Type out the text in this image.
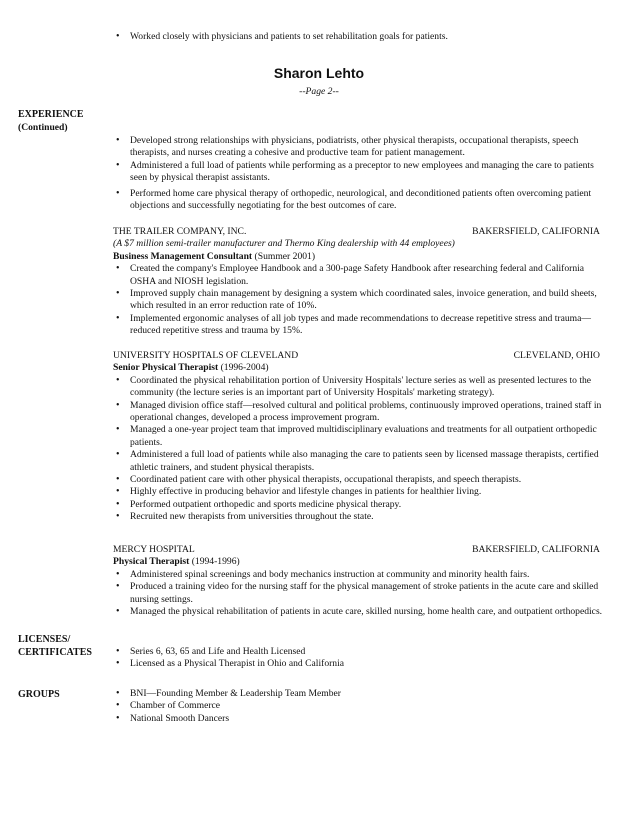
• Worked closely with physicians and patients to set rehabilitation goals for patients.
Sharon Lehto
--Page 2--
EXPERIENCE
(Continued)
LICENSES/
CERTIFICATES
GROUPS
• Developed strong relationships with physicians, podiatrists, other physical therapists, occupational therapists, speech therapists, and nurses creating a cohesive and productive team for patient management.
• Administered a full load of patients while performing as a preceptor to new employees and managing the care to patients seen by physical therapist assistants.
• Performed home care physical therapy of orthopedic, neurological, and deconditioned patients often overcoming patient objections and successfully negotiating for the best outcomes of care.
THE TRAILER COMPANY, INC.	BAKERSFIELD, CALIFORNIA
(A $7 million semi-trailer manufacturer and Thermo King dealership with 44 employees)
Business Management Consultant (Summer 2001)
• Created the company's Employee Handbook and a 300-page Safety Handbook after researching federal and California OSHA and NIOSH legislation.
• Improved supply chain management by designing a system which coordinated sales, invoice generation, and build sheets, which resulted in an error reduction rate of 10%.
• Implemented ergonomic analyses of all job types and made recommendations to decrease repetitive stress and trauma—reduced repetitive stress and trauma by 15%.
UNIVERSITY HOSPITALS OF CLEVELAND	CLEVELAND, OHIO
Senior Physical Therapist (1996-2004)
• Coordinated the physical rehabilitation portion of University Hospitals' lecture series as well as presented lectures to the community (the lecture series is an important part of University Hospitals' marketing strategy).
• Managed division office staff—resolved cultural and political problems, continuously improved operations, trained staff in operational changes, developed a process improvement program.
• Managed a one-year project team that improved multidisciplinary evaluations and treatments for all outpatient orthopedic patients.
• Administered a full load of patients while also managing the care to patients seen by licensed massage therapists, certified athletic trainers, and student physical therapists.
• Coordinated patient care with other physical therapists, occupational therapists, and speech therapists.
• Highly effective in producing behavior and lifestyle changes in patients for healthier living.
• Performed outpatient orthopedic and sports medicine physical therapy.
• Recruited new therapists from universities throughout the state.
MERCY HOSPITAL	BAKERSFIELD, CALIFORNIA
Physical Therapist (1994-1996)
• Administered spinal screenings and body mechanics instruction at community and minority health fairs.
• Produced a training video for the nursing staff for the physical management of stroke patients in the acute care and skilled nursing settings.
• Managed the physical rehabilitation of patients in acute care, skilled nursing, home health care, and outpatient orthopedics.
• Series 6, 63, 65 and Life and Health Licensed
• Licensed as a Physical Therapist in Ohio and California
• BNI—Founding Member & Leadership Team Member
• Chamber of Commerce
• National Smooth Dancers
